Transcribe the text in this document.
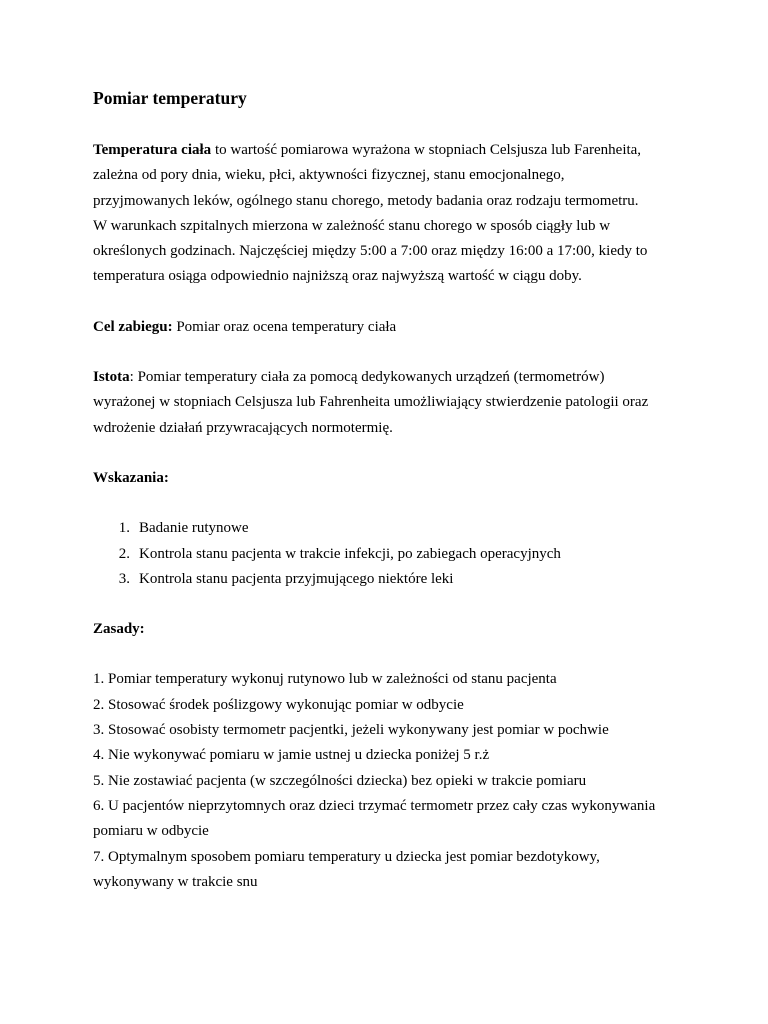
Pomiar temperatury

Temperatura ciała to wartość pomiarowa wyrażona w stopniach Celsjusza lub Farenheita,

zależna od pory dnia, wieku, płci, aktywności fizycznej, stanu emocjonalnego,

przyjmowanych leków, ogólnego stanu chorego, metody badania oraz rodzaju termometru.

W warunkach szpitalnych mierzona w zależność stanu chorego w sposób ciągły lub w

określonych godzinach. Najczęściej między 5:00 a 7:00 oraz między 16:00 a 17:00, kiedy to

temperatura osiąga odpowiednio najniższą oraz najwyższą wartość w ciągu doby.

Cel zabiegu: Pomiar oraz ocena temperatury ciała

Istota: Pomiar temperatury ciała za pomocą dedykowanych urządzeń (termometrów)

wyrażonej w stopniach Celsjusza lub Fahrenheita umożliwiający stwierdzenie patologii oraz

wdrożenie działań przywracających normotermię.

Wskazania:

1. Badanie rutynowe
2. Kontrola stanu pacjenta w trakcie infekcji, po zabiegach operacyjnych
3. Kontrola stanu pacjenta przyjmującego niektóre leki

Zasady:

1. Pomiar temperatury wykonuj rutynowo lub w zależności od stanu pacjenta
2. Stosować środek poślizgowy wykonując pomiar w odbycie
3. Stosować osobisty termometr pacjentki, jeżeli wykonywany jest pomiar w pochwie
4. Nie wykonywać pomiaru w jamie ustnej u dziecka poniżej 5 r.ż
5. Nie zostawiać pacjenta (w szczególności dziecka) bez opieki w trakcie pomiaru
6. U pacjentów nieprzytomnych oraz dzieci trzymać termometr przez cały czas wykonywania
pomiaru w odbycie
7. Optymalnym sposobem pomiaru temperatury u dziecka jest pomiar bezdotykowy,
wykonywany w trakcie snu
